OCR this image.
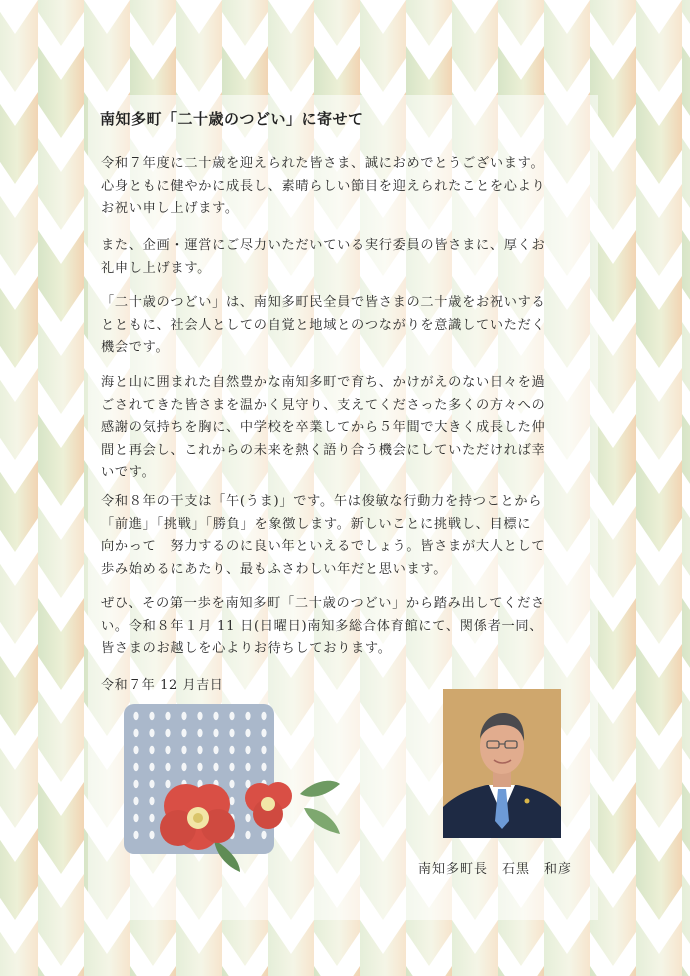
南知多町「二十歳のつどい」に寄せて

令和７年度に二十歳を迎えられた皆さま、誠におめでとうございます。
心身ともに健やかに成長し、素晴らしい節目を迎えられたことを心より
お祝い申し上げます。

また、企画・運営にご尽力いただいている実行委員の皆さまに、厚くお
礼申し上げます。

「二十歳のつどい」は、南知多町民全員で皆さまの二十歳をお祝いする
とともに、社会人としての自覚と地域とのつながりを意識していただく
機会です。

海と山に囲まれた自然豊かな南知多町で育ち、かけがえのない日々を過
ごされてきた皆さまを温かく見守り、支えてくださった多くの方々への
感謝の気持ちを胸に、中学校を卒業してから５年間で大きく成長した仲
間と再会し、これからの未来を熱く語り合う機会にしていただければ幸
いです。

令和８年の干支は「午(うま)」です。午は俊敏な行動力を持つことから
「前進」「挑戦」「勝負」を象徴します。新しいことに挑戦し、目標に
向かって　努力するのに良い年といえるでしょう。皆さまが大人として
歩み始めるにあたり、最もふさわしい年だと思います。

ぜひ、その第一歩を南知多町「二十歳のつどい」から踏み出してくださ
い。令和８年１月 11 日(日曜日)南知多総合体育館にて、関係者一同、
皆さまのお越しを心よりお待ちしております。

令和７年 12 月吉日
南知多町長　石黒　和彦
